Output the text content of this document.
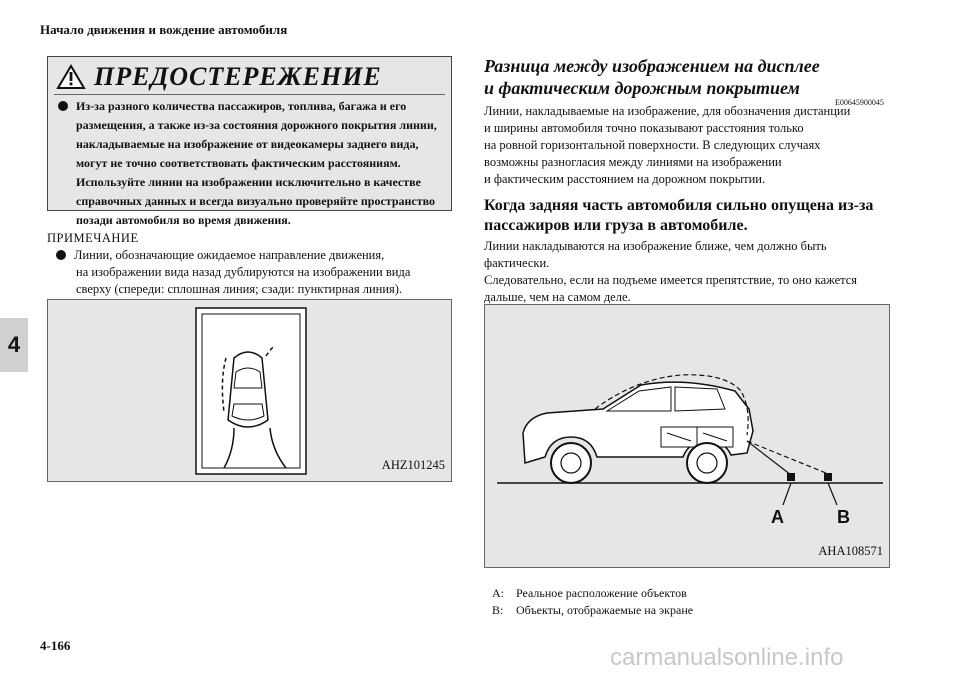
Начало движения и вождение автомобиля
4
ПРЕДОСТЕРЕЖЕНИЕ
Из-за разного количества пассажиров, топлива, багажа и его
размещения, а также из-за состояния дорожного покрытия линии,
накладываемые на изображение от видеокамеры заднего вида,
могут не точно соответствовать фактическим расстояниям.
Используйте линии на изображении исключительно в качестве
справочных данных и всегда визуально проверяйте пространство
позади автомобиля во время движения.
ПРИМЕЧАНИЕ
Линии, обозначающие ожидаемое направление движения,
на изображении вида назад дублируются на изображении вида
сверху (спереди: сплошная линия; сзади: пунктирная линия).
AHZ101245
Разница между изображением на дисплее
и фактическим дорожным покрытием
E00645900045
Линии, накладываемые на изображение, для обозначения дистанции
и ширины автомобиля точно показывают расстояния только
на ровной горизонтальной поверхности. В следующих случаях
возможны разногласия между линиями на изображении
и фактическим расстоянием на дорожном покрытии.
Когда задняя часть автомобиля сильно опущена из-за
пассажиров или груза в автомобиле.
Линии накладываются на изображение ближе, чем должно быть
фактически.
Следовательно, если на подъеме имеется препятствие, то оно кажется
дальше, чем на самом деле.
A	B
AHA108571
A: Реальное расположение объектов
B: Объекты, отображаемые на экране
4-166	carmanualsonline.info
